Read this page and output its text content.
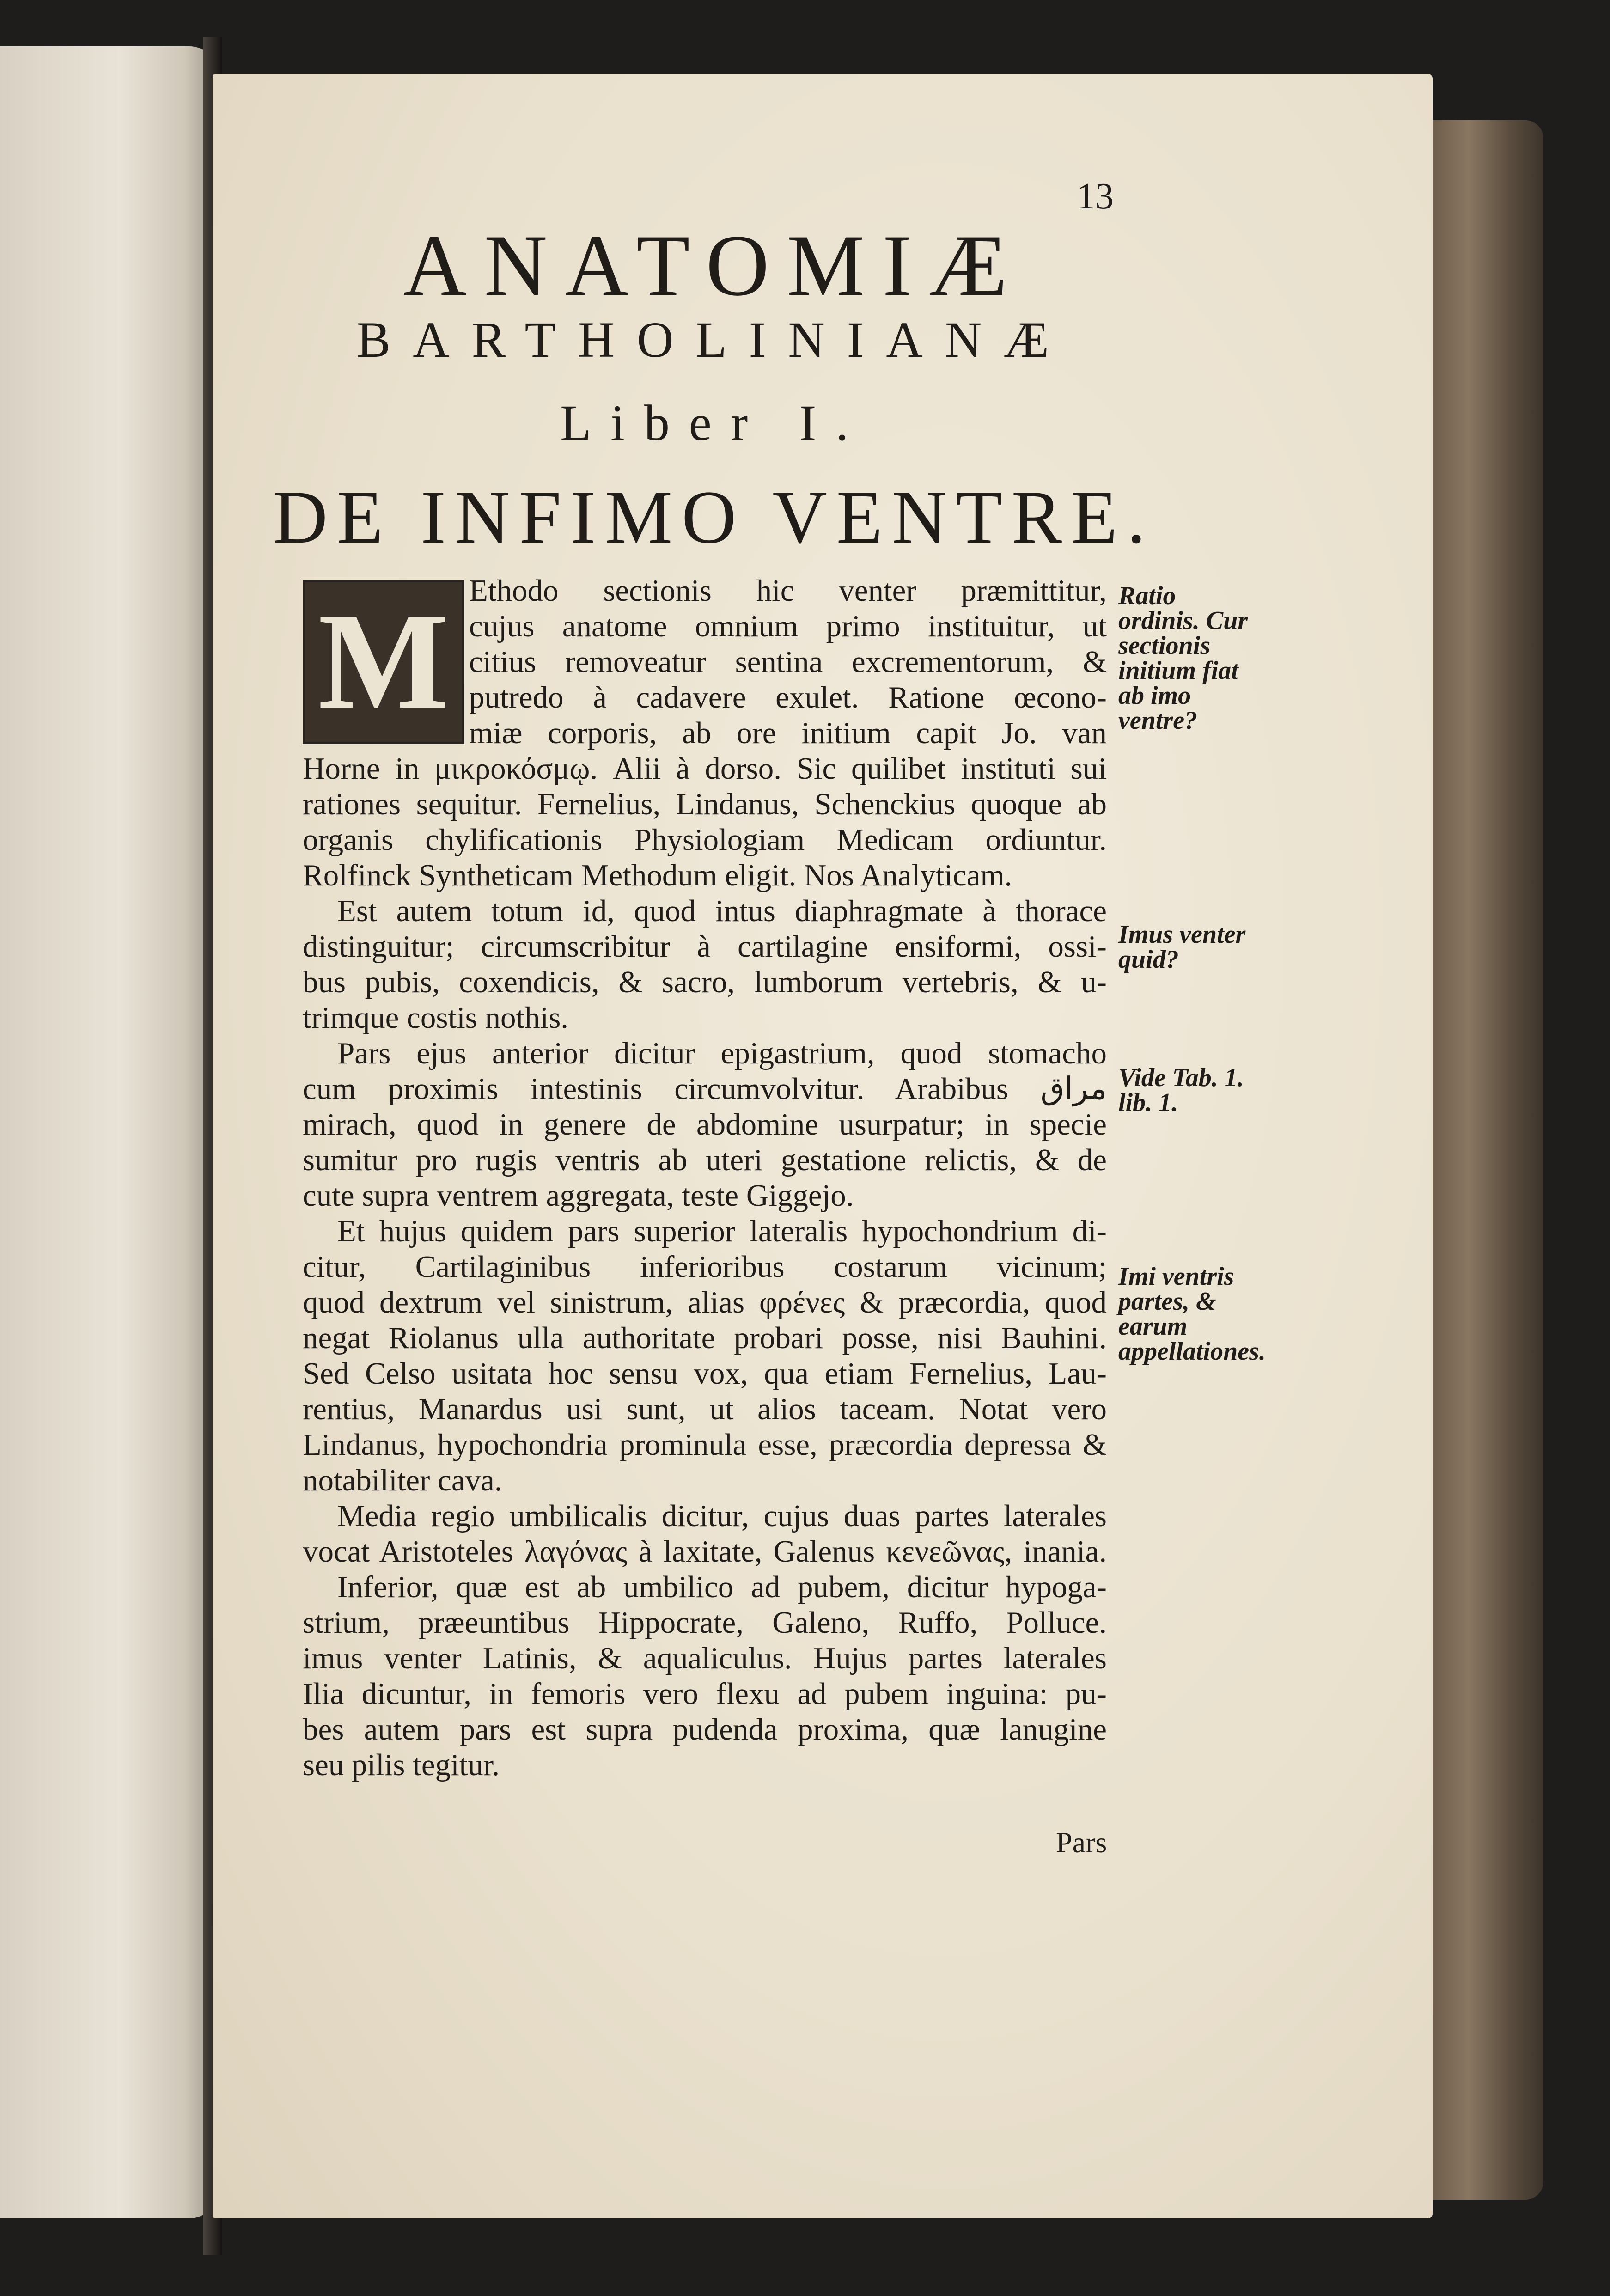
13
ANATOMIÆ
BARTHOLINIANÆ
Liber I.
DE INFIMO VENTRE.
M Ethodo sectionis hic venter præmittitur,
cujus anatome omnium primo instituitur, ut
citius removeatur sentina excrementorum, &
putredo à cadavere exulet. Ratione œcono-
miæ corporis, ab ore initium capit Jo. van
Horne in μικροκόσμῳ. Alii à dorso. Sic quilibet instituti sui
rationes sequitur. Fernelius, Lindanus, Schenckius quoque ab
organis chylificationis Physiologiam Medicam ordiuntur.
Rolfinck Syntheticam Methodum eligit. Nos Analyticam.
Est autem totum id, quod intus diaphragmate à thorace
distinguitur; circumscribitur à cartilagine ensiformi, ossi-
bus pubis, coxendicis, & sacro, lumborum vertebris, & u-
trimque costis nothis.
Pars ejus anterior dicitur epigastrium, quod stomacho
cum proximis intestinis circumvolvitur. Arabibus مراق
mirach, quod in genere de abdomine usurpatur; in specie
sumitur pro rugis ventris ab uteri gestatione relictis, & de
cute supra ventrem aggregata, teste Giggejo.
Et hujus quidem pars superior lateralis hypochondrium di-
citur, Cartilaginibus inferioribus costarum vicinum;
quod dextrum vel sinistrum, alias φρένες & præcordia, quod
negat Riolanus ulla authoritate probari posse, nisi Bauhini.
Sed Celso usitata hoc sensu vox, qua etiam Fernelius, Lau-
rentius, Manardus usi sunt, ut alios taceam. Notat vero
Lindanus, hypochondria prominula esse, præcordia depressa &
notabiliter cava.
Media regio umbilicalis dicitur, cujus duas partes laterales
vocat Aristoteles λαγόνας à laxitate, Galenus κενεῶνας, inania.
Inferior, quæ est ab umbilico ad pubem, dicitur hypoga-
strium, præeuntibus Hippocrate, Galeno, Ruffo, Polluce.
imus venter Latinis, & aqualiculus. Hujus partes laterales
Ilia dicuntur, in femoris vero flexu ad pubem inguina: pu-
bes autem pars est supra pudenda proxima, quæ lanugine
seu pilis tegitur.
Ratio ordinis. Cur sectionis initium fiat ab imo ventre?
Imus venter quid?
Vide Tab. 1. lib. 1.
Imi ventris partes, & earum appellationes.
Pars
